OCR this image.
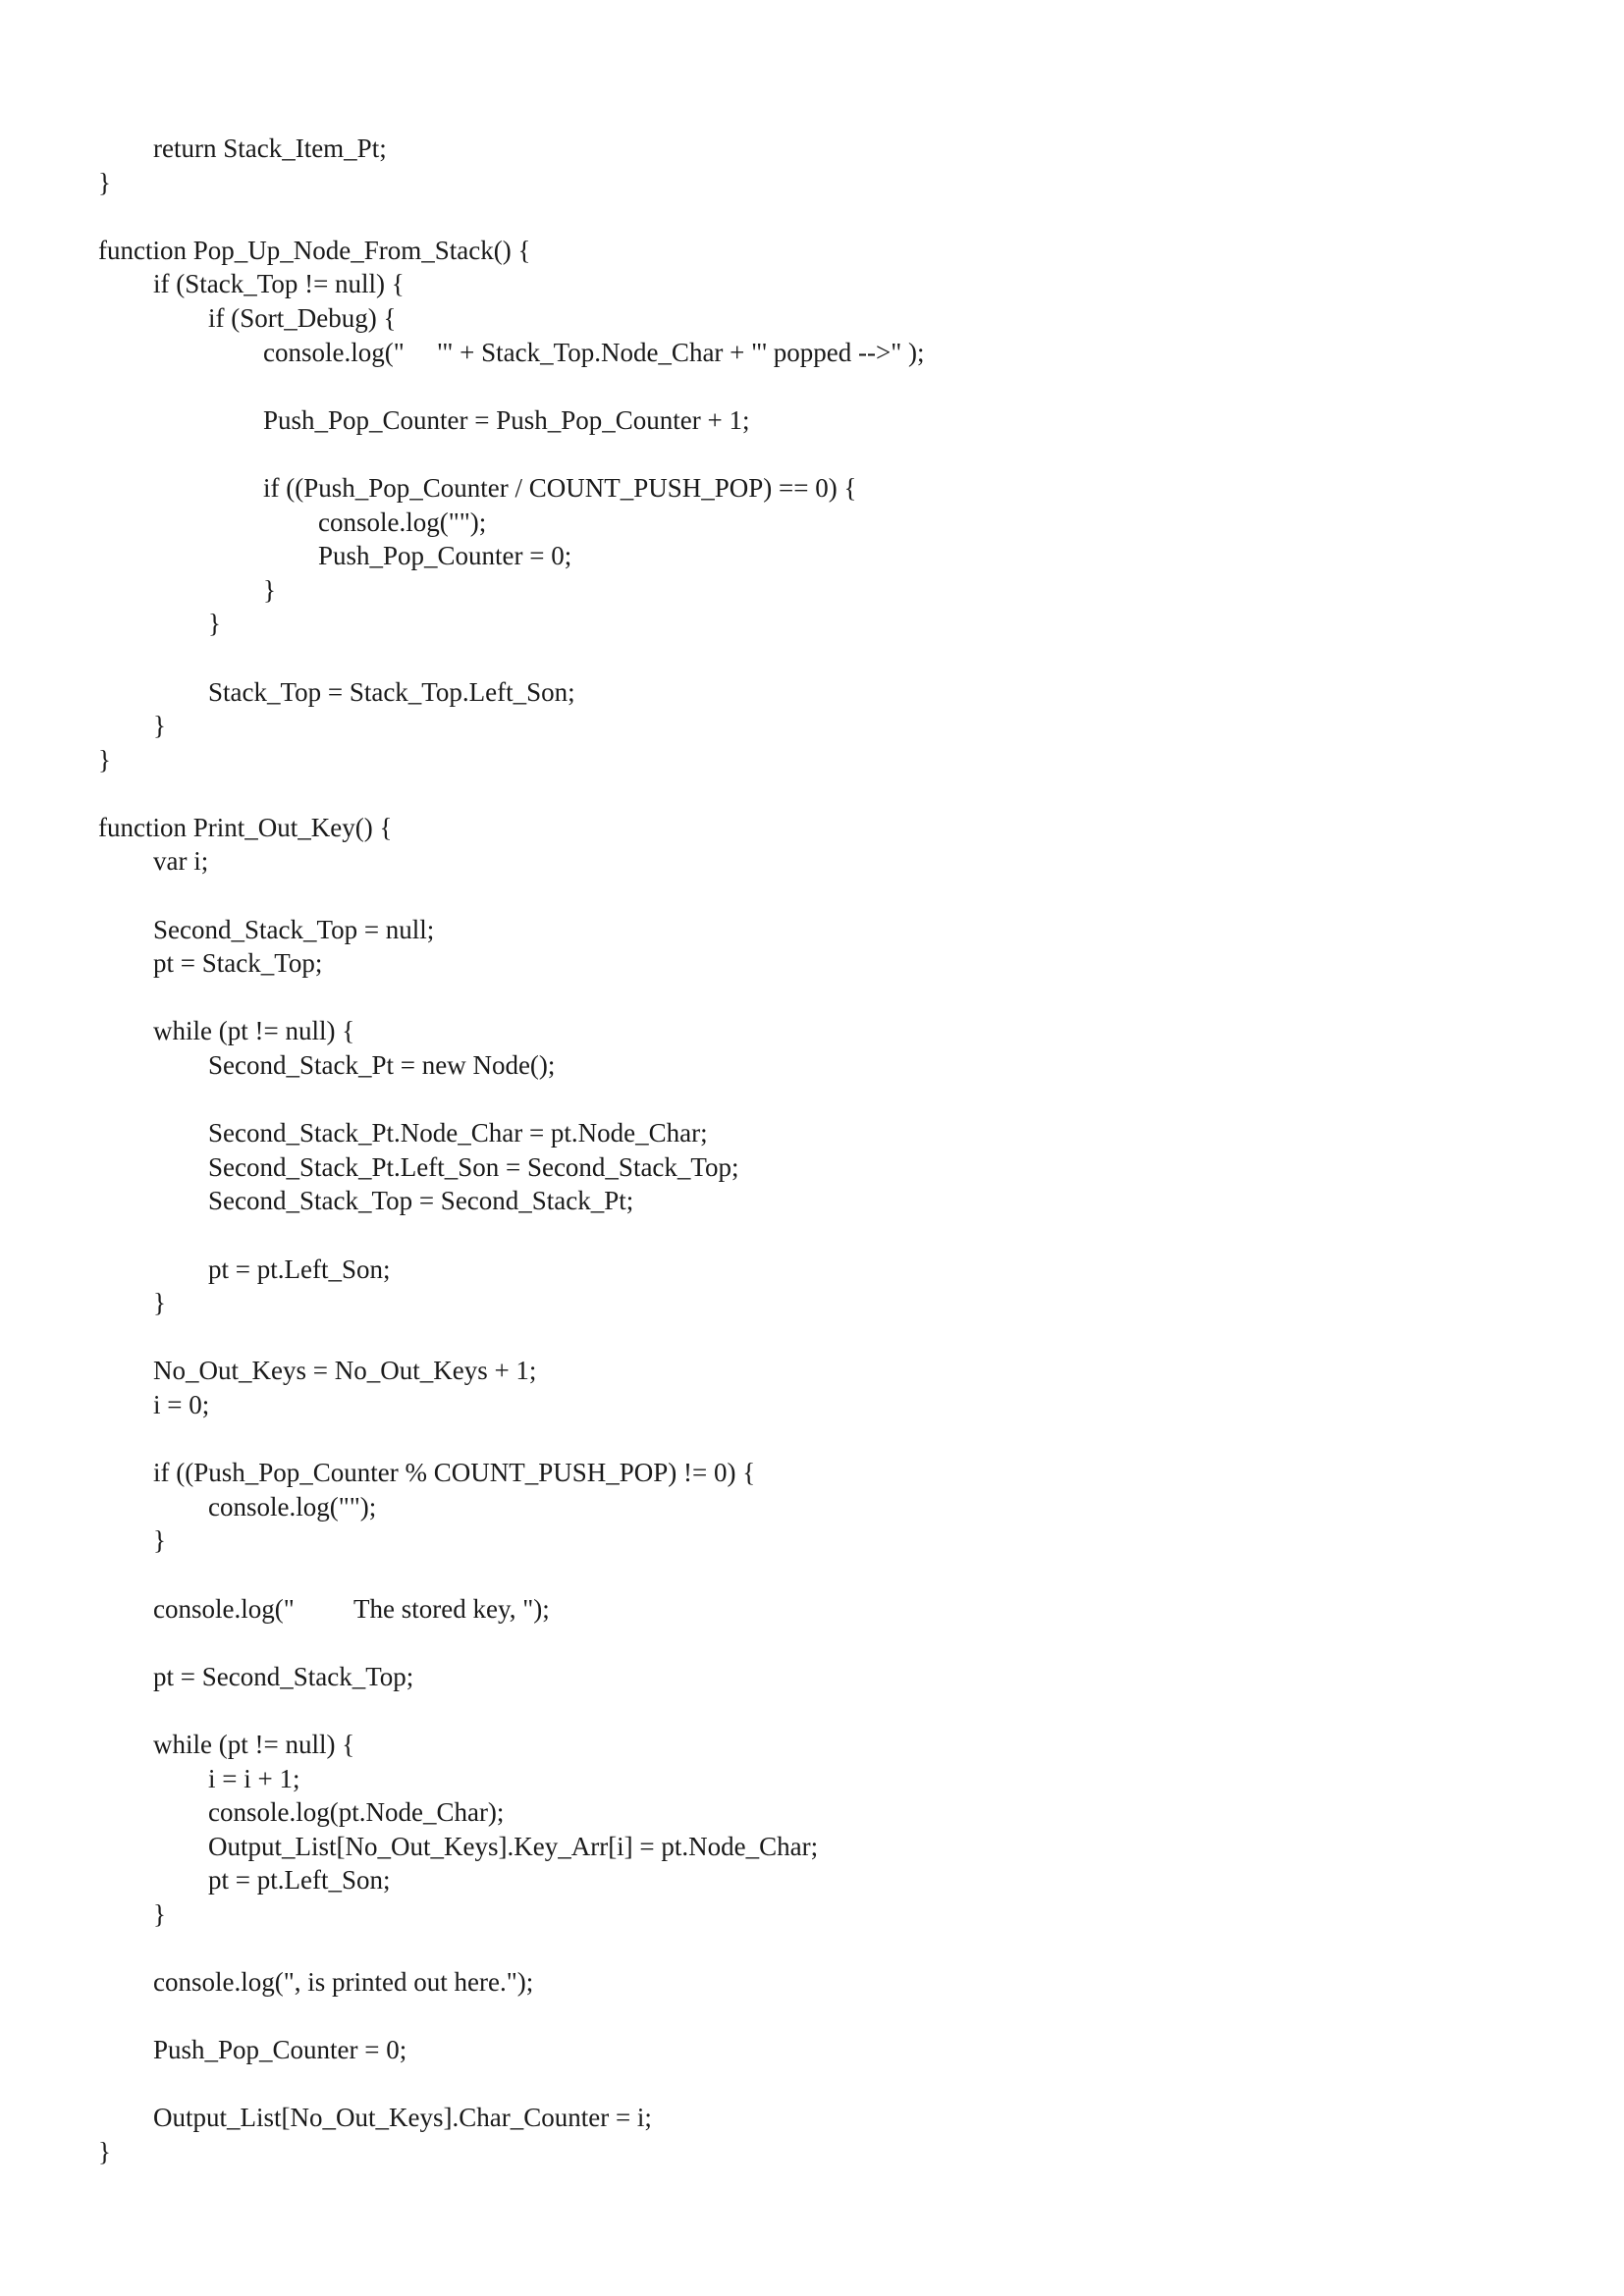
return Stack_Item_Pt;
}
function Pop_Up_Node_From_Stack() {
if (Stack_Top != null) {
if (Sort_Debug) {
console.log("     '" + Stack_Top.Node_Char + "' popped -->" );
Push_Pop_Counter = Push_Pop_Counter + 1;
if ((Push_Pop_Counter / COUNT_PUSH_POP) == 0) {
console.log("");
Push_Pop_Counter = 0;
}
}
Stack_Top = Stack_Top.Left_Son;
}
}
function Print_Out_Key() {
var i;
Second_Stack_Top = null;
pt = Stack_Top;
while (pt != null) {
Second_Stack_Pt = new Node();
Second_Stack_Pt.Node_Char = pt.Node_Char;
Second_Stack_Pt.Left_Son = Second_Stack_Top;
Second_Stack_Top = Second_Stack_Pt;
pt = pt.Left_Son;
}
No_Out_Keys = No_Out_Keys + 1;
i = 0;
if ((Push_Pop_Counter % COUNT_PUSH_POP) != 0) {
console.log("");
}
console.log("         The stored key, ");
pt = Second_Stack_Top;
while (pt != null) {
i = i + 1;
console.log(pt.Node_Char);
Output_List[No_Out_Keys].Key_Arr[i] = pt.Node_Char;
pt = pt.Left_Son;
}
console.log(", is printed out here.");
Push_Pop_Counter = 0;
Output_List[No_Out_Keys].Char_Counter = i;
}
